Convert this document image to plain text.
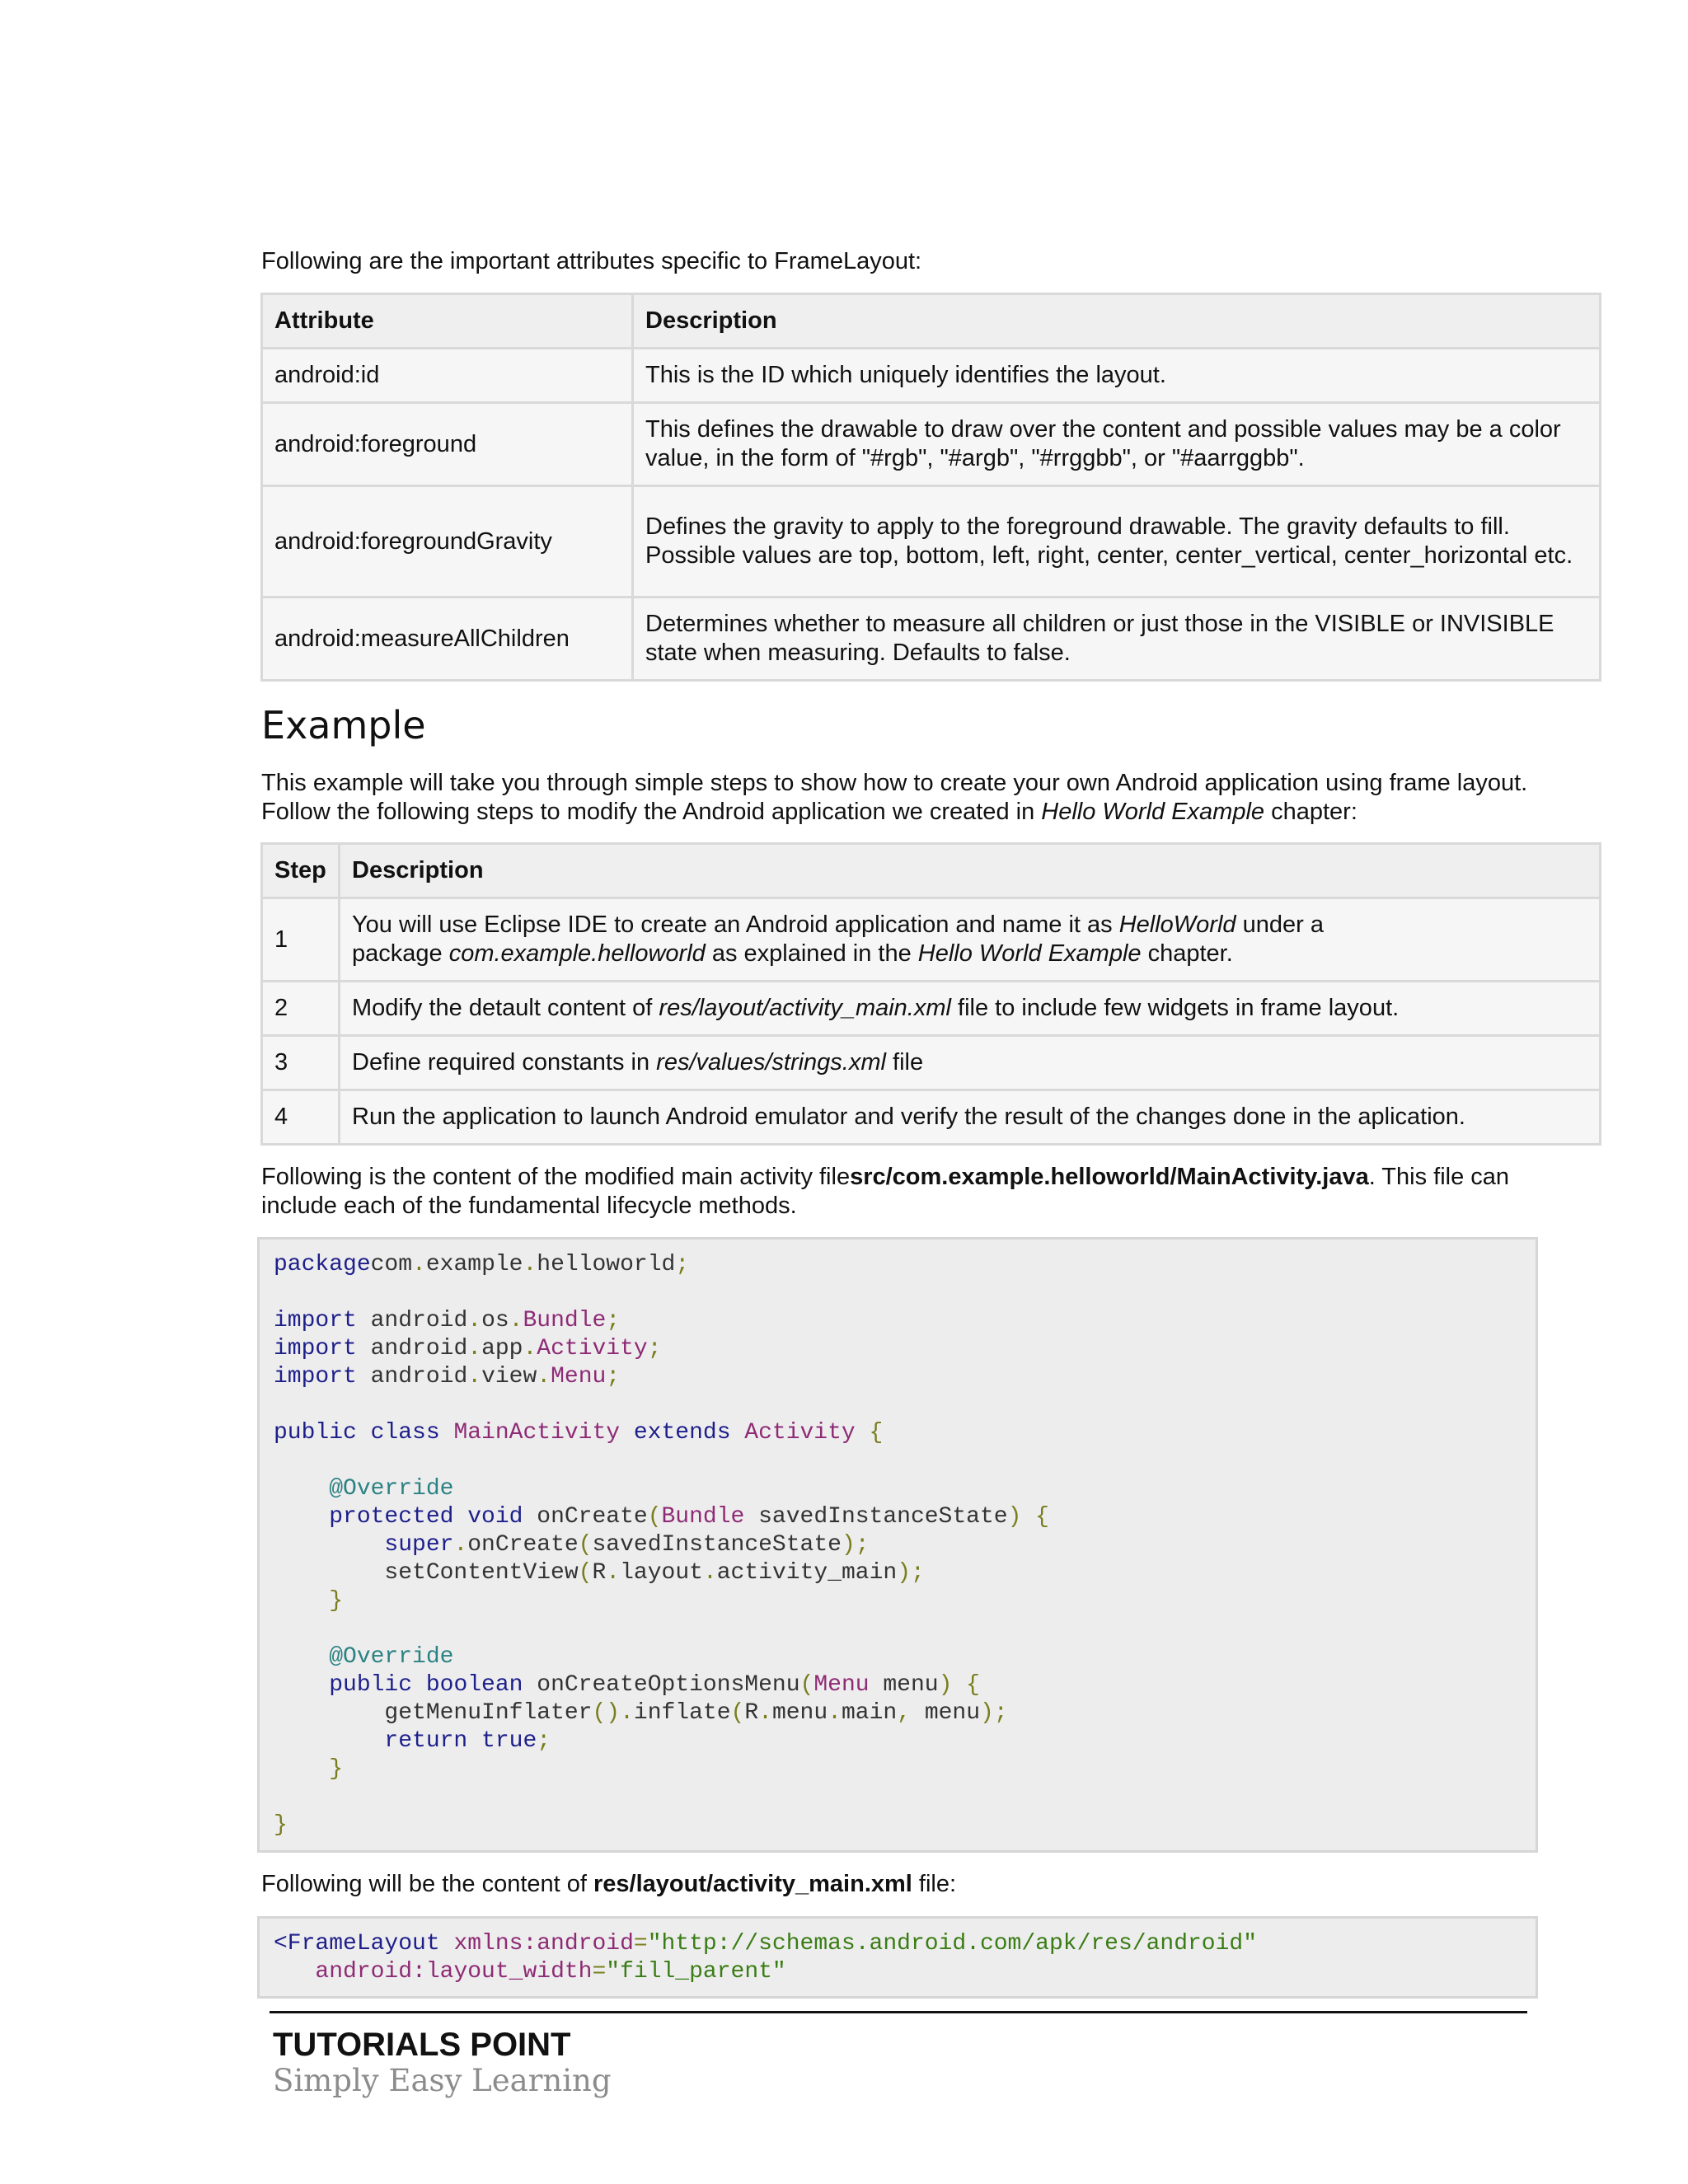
Following are the important attributes specific to FrameLayout:

Attribute	Description
android:id	This is the ID which uniquely identifies the layout.
android:foreground	This defines the drawable to draw over the content and possible values may be a color value, in the form of "#rgb", "#argb", "#rrggbb", or "#aarrggbb".
android:foregroundGravity	Defines the gravity to apply to the foreground drawable. The gravity defaults to fill. Possible values are top, bottom, left, right, center, center_vertical, center_horizontal etc.
android:measureAllChildren	Determines whether to measure all children or just those in the VISIBLE or INVISIBLE state when measuring. Defaults to false.
Example

This example will take you through simple steps to show how to create your own Android application using frame layout. Follow the following steps to modify the Android application we created in Hello World Example chapter:

Step	Description
1	You will use Eclipse IDE to create an Android application and name it as HelloWorld under a package com.example.helloworld as explained in the Hello World Example chapter.
2	Modify the detault content of res/layout/activity_main.xml file to include few widgets in frame layout.
3	Define required constants in res/values/strings.xml file
4	Run the application to launch Android emulator and verify the result of the changes done in the aplication.

Following is the content of the modified main activity filesrc/com.example.helloworld/MainActivity.java. This file can include each of the fundamental lifecycle methods.

packagecom.example.helloworld;

import android.os.Bundle;
import android.app.Activity;
import android.view.Menu;

public class MainActivity extends Activity {

@Override
protected void onCreate(Bundle savedInstanceState) {
super.onCreate(savedInstanceState);
setContentView(R.layout.activity_main);
}

@Override
public boolean onCreateOptionsMenu(Menu menu) {
getMenuInflater().inflate(R.menu.main, menu);
return true;
}

}

Following will be the content of res/layout/activity_main.xml file:

<FrameLayout xmlns:android="http://schemas.android.com/apk/res/android"
android:layout_width="fill_parent"

TUTORIALS POINT

Simply Easy Learning
